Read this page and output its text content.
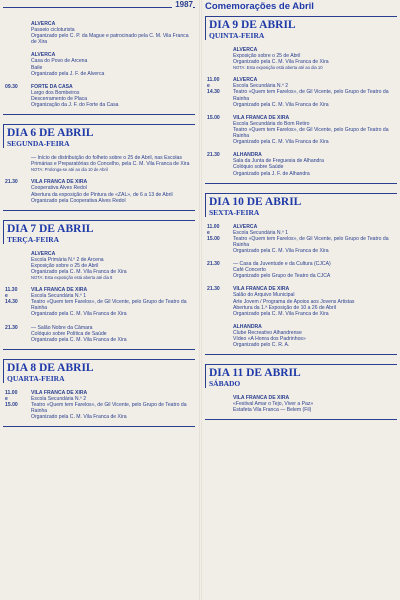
1987
ALVERCA
Passeio cicloturista
Organizado pelo C. P. da Mague e patrocinado pela C. M. Vila Franca de Xira
ALVERCA
Casa do Povo de Arcena
Baile
Organizado pela J. F. de Alverca
09.30	FORTE DA CASA
Largo dos Bombeiros
Descerramento de Placa
Organização da J. F. do Forte da Casa
DIA 6 DE ABRIL
SEGUNDA-FEIRA
— Início de distribuição do folheto sobre o 25 de Abril, nas Escolas Primárias e Preparatórias do Concelho, pela C. M. Vila Franca de Xira
NOTA: Prolonga-se até ao dia 10 de Abril
21.30	VILA FRANCA DE XIRA
Cooperativa Alves Redol
Abertura da exposição de Pintura de «ZAL», de 6 a 13 de Abril
Organizado pela Cooperativa Alves Redol
DIA 7 DE ABRIL
TERÇA-FEIRA
ALVERCA
Escola Primária N.º 2 de Arcena
Exposição sobre o 25 de Abril
Organizado pela C. M. Vila Franca de Xira
NOTA: Esta exposição está aberta até dia 8
11.30
e
14.30
VILA FRANCA DE XIRA
Escola Secundária N.º 1
Teatro «Quem tem Farelos», de Gil Vicente, pelo Grupo de Teatro da Rainha
Organizado pela C. M. Vila Franca de Xira
21.30	— Salão Nobre da Câmara
Colóquio sobre Política de Saúde
Organizado pela C. M. Vila Franca de Xira
DIA 8 DE ABRIL
QUARTA-FEIRA
11.00
e
15.00
VILA FRANCA DE XIRA
Escola Secundária N.º 2
Teatro «Quem tem Farelos», de Gil Vicente, pelo Grupo de Teatro da Rainha
Organizado pela C. M. Vila Franca de Xira
Comemorações de Abril
DIA 9 DE ABRIL
QUINTA-FEIRA
ALVERCA
Exposição sobre o 25 de Abril
Organizado pela C. M. Vila Franca de Xira
NOTA: Esta exposição está aberta até ao dia 10
11.00
e
14.30
ALVERCA
Escola Secundária N.º 2
Teatro «Quem tem Farelos», de Gil Vicente, pelo Grupo de Teatro da Rainha
Organizado pela C. M. Vila Franca de Xira
15.00	VILA FRANCA DE XIRA
Escola Secundária do Bom Retiro
Teatro «Quem tem Farelos», de Gil Vicente, pelo Grupo de Teatro da Rainha
Organizado pela C. M. Vila Franca de Xira
21.30	ALHANDRA
Sala da Junta de Freguesia de Alhandra
Colóquio sobre Saúde
Organizado pela J. F. de Alhandra
DIA 10 DE ABRIL
SEXTA-FEIRA
11.00
e
15.00
ALVERCA
Escola Secundária N.º 1
Teatro «Quem tem Farelos», de Gil Vicente, pelo Grupo de Teatro da Rainha
Organizado pela C. M. Vila Franca de Xira
21.30	— Casa da Juventude e da Cultura (CJCA)
Café Concerto
Organizado pelo Grupo de Teatro da CJCA
21.30	VILA FRANCA DE XIRA
Salão do Arquivo Municipal
Arte Jovem / Programa de Apoios aos Jovens Artistas
Abertura da 1.ª Exposição de 10 a 26 de Abril
Organizado pela C. M. Vila Franca de Xira
ALHANDRA
Clube Recreativo Alhandrense
Vídeo «A Honra dos Padrinhos»
Organizado pelo C. R. A.
DIA 11 DE ABRIL
SÁBADO
VILA FRANCA DE XIRA
«Festival Amar o Tejo, Viver a Paz»
Estafeta Vila Franca — Belem (Fil)
